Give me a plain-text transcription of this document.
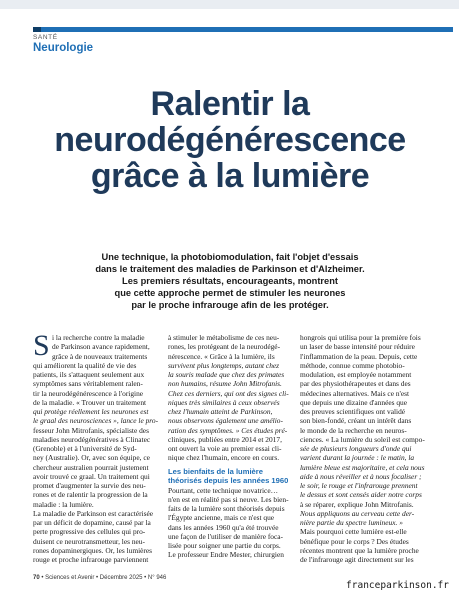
SANTÉ
Neurologie
Ralentir la
neurodégénérescence
grâce à la lumière
Une technique, la photobiomodulation, fait l'objet d'essais
dans le traitement des maladies de Parkinson et d'Alzheimer.
Les premiers résultats, encourageants, montrent
que cette approche permet de stimuler les neurones
par le proche infrarouge afin de les protéger.
S i la recherche contre la maladie
de Parkinson avance rapidement,
grâce à de nouveaux traitements
qui améliorent la qualité de vie des
patients, ils s'attaquent seulement aux
symptômes sans véritablement ralen-
tir la neurodégénérescence à l'origine
de la maladie. « Trouver un traitement
qui protège réellement les neurones est
le graal des neurosciences », lance le pro-
fesseur John Mitrofanis, spécialiste des
maladies neurodégénératives à Clinatec
(Grenoble) et à l'université de Syd-
ney (Australie). Or, avec son équipe, ce
chercheur australien pourrait justement
avoir trouvé ce graal. Un traitement qui
promet d'augmenter la survie des neu-
rones et de ralentir la progression de la
maladie : la lumière.
La maladie de Parkinson est caractérisée
par un déficit de dopamine, causé par la
perte progressive des cellules qui pro-
duisent ce neurotransmetteur, les neu-
rones dopaminergiques. Or, les lumières
rouge et proche infrarouge parviennent
à stimuler le métabolisme de ces neu-
rones, les protégeant de la neurodégé-
nérescence. « Grâce à la lumière, ils
survivent plus longtemps, autant chez
la souris malade que chez des primates
non humains, résume John Mitrofanis.
Chez ces derniers, qui ont des signes cli-
niques très similaires à ceux observés
chez l'humain atteint de Parkinson,
nous observons également une amélio-
ration des symptômes. » Ces études pré-
cliniques, publiées entre 2014 et 2017,
ont ouvert la voie au premier essai cli-
nique chez l'humain, encore en cours.
Les bienfaits de la lumière
théorisés depuis les années 1960
Pourtant, cette technique novatrice…
n'en est en réalité pas si neuve. Les bien-
faits de la lumière sont théorisés depuis
l'Égypte ancienne, mais ce n'est que
dans les années 1960 qu'a été trouvée
une façon de l'utiliser de manière foca-
lisée pour soigner une partie du corps.
Le professeur Endre Mester, chirurgien
hongrois qui utilisa pour la première fois
un laser de basse intensité pour réduire
l'inflammation de la peau. Depuis, cette
méthode, connue comme photobio-
modulation, est employée notamment
par des physiothérapeutes et dans des
médecines alternatives. Mais ce n'est
que depuis une dizaine d'années que
des preuves scientifiques ont validé
son bien-fondé, créant un intérêt dans
le monde de la recherche en neuros-
ciences. « La lumière du soleil est compo-
sée de plusieurs longueurs d'onde qui
varient durant la journée : le matin, la
lumière bleue est majoritaire, et cela nous
aide à nous réveiller et à nous focaliser ;
le soir, le rouge et l'infrarouge prennent
le dessus et sont censés aider notre corps
à se réparer, explique John Mitrofanis.
Nous appliquons au cerveau cette der-
nière partie du spectre lumineux. »
Mais pourquoi cette lumière est-elle
bénéfique pour le corps ? Des études
récentes montrent que la lumière proche
de l'infrarouge agit directement sur les
70 • Sciences et Avenir • Décembre 2025 • N° 946
franceparkinson.fr
